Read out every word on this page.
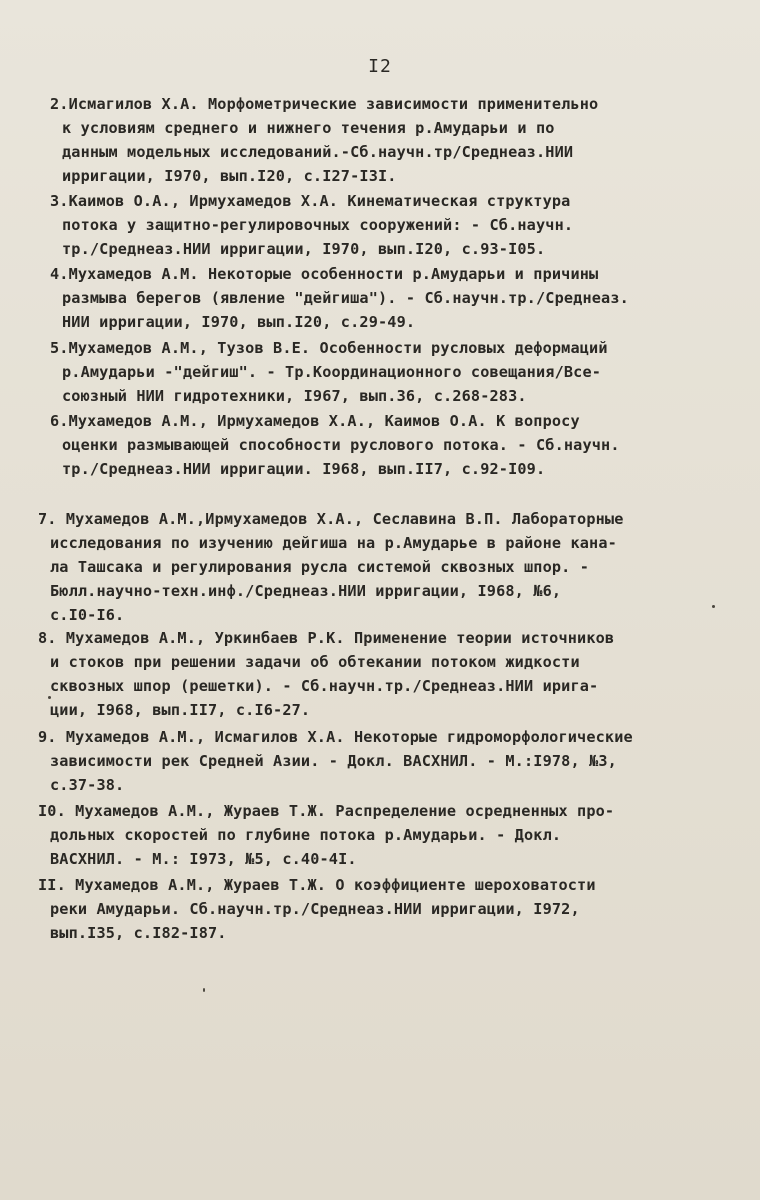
I2
2.Исмагилов Х.А. Морфометрические зависимости применительно
к условиям среднего и нижнего течения р.Амударьи и по
данным модельных исследований.-Сб.научн.тр/Среднеаз.НИИ
ирригации, I970, вып.I20, с.I27-I3I.
3.Каимов О.А., Ирмухамедов Х.А. Кинематическая структура
потока у защитно-регулировочных сооружений: - Сб.научн.
тр./Среднеаз.НИИ ирригации, I970, вып.I20, с.93-I05.
4.Мухамедов А.М. Некоторые особенности р.Амударьи и причины
размыва берегов (явление "дейгиша"). - Сб.научн.тр./Среднеаз.
НИИ ирригации, I970, вып.I20, с.29-49.
5.Мухамедов А.М., Тузов В.Е. Особенности русловых деформаций
р.Амударьи -"дейгиш". - Тр.Координационного совещания/Все-
союзный НИИ гидротехники, I967, вып.36, с.268-283.
6.Мухамедов А.М., Ирмухамедов Х.А., Каимов О.А. К вопросу
оценки размывающей способности руслового потока. - Сб.научн.
тр./Среднеаз.НИИ ирригации. I968, вып.II7, с.92-I09.
7. Мухамедов А.М.,Ирмухамедов Х.А., Сеславина В.П. Лабораторные
исследования по изучению дейгиша на р.Амударье в районе кана-
ла Ташсака и регулирования русла системой сквозных шпор. -
Бюлл.научно-техн.инф./Среднеаз.НИИ ирригации, I968, №6,
с.I0-I6.
8. Мухамедов А.М., Уркинбаев Р.К. Применение теории источников
и стоков при решении задачи об обтекании потоком жидкости
сквозных шпор (решетки). - Сб.научн.тр./Среднеаз.НИИ ирига-
ции, I968, вып.II7, с.I6-27.
9. Мухамедов А.М., Исмагилов Х.А. Некоторые гидроморфологические
зависимости рек Средней Азии. - Докл. ВАСХНИЛ. - М.:I978, №3,
с.37-38.
I0. Мухамедов А.М., Жураев Т.Ж. Распределение осредненных про-
дольных скоростей по глубине потока р.Амударьи. - Докл.
ВАСХНИЛ. - М.: I973, №5, с.40-4I.
II. Мухамедов А.М., Жураев Т.Ж. О коэффициенте шероховатости
реки Амударьи. Сб.научн.тр./Среднеаз.НИИ ирригации, I972,
вып.I35, с.I82-I87.
